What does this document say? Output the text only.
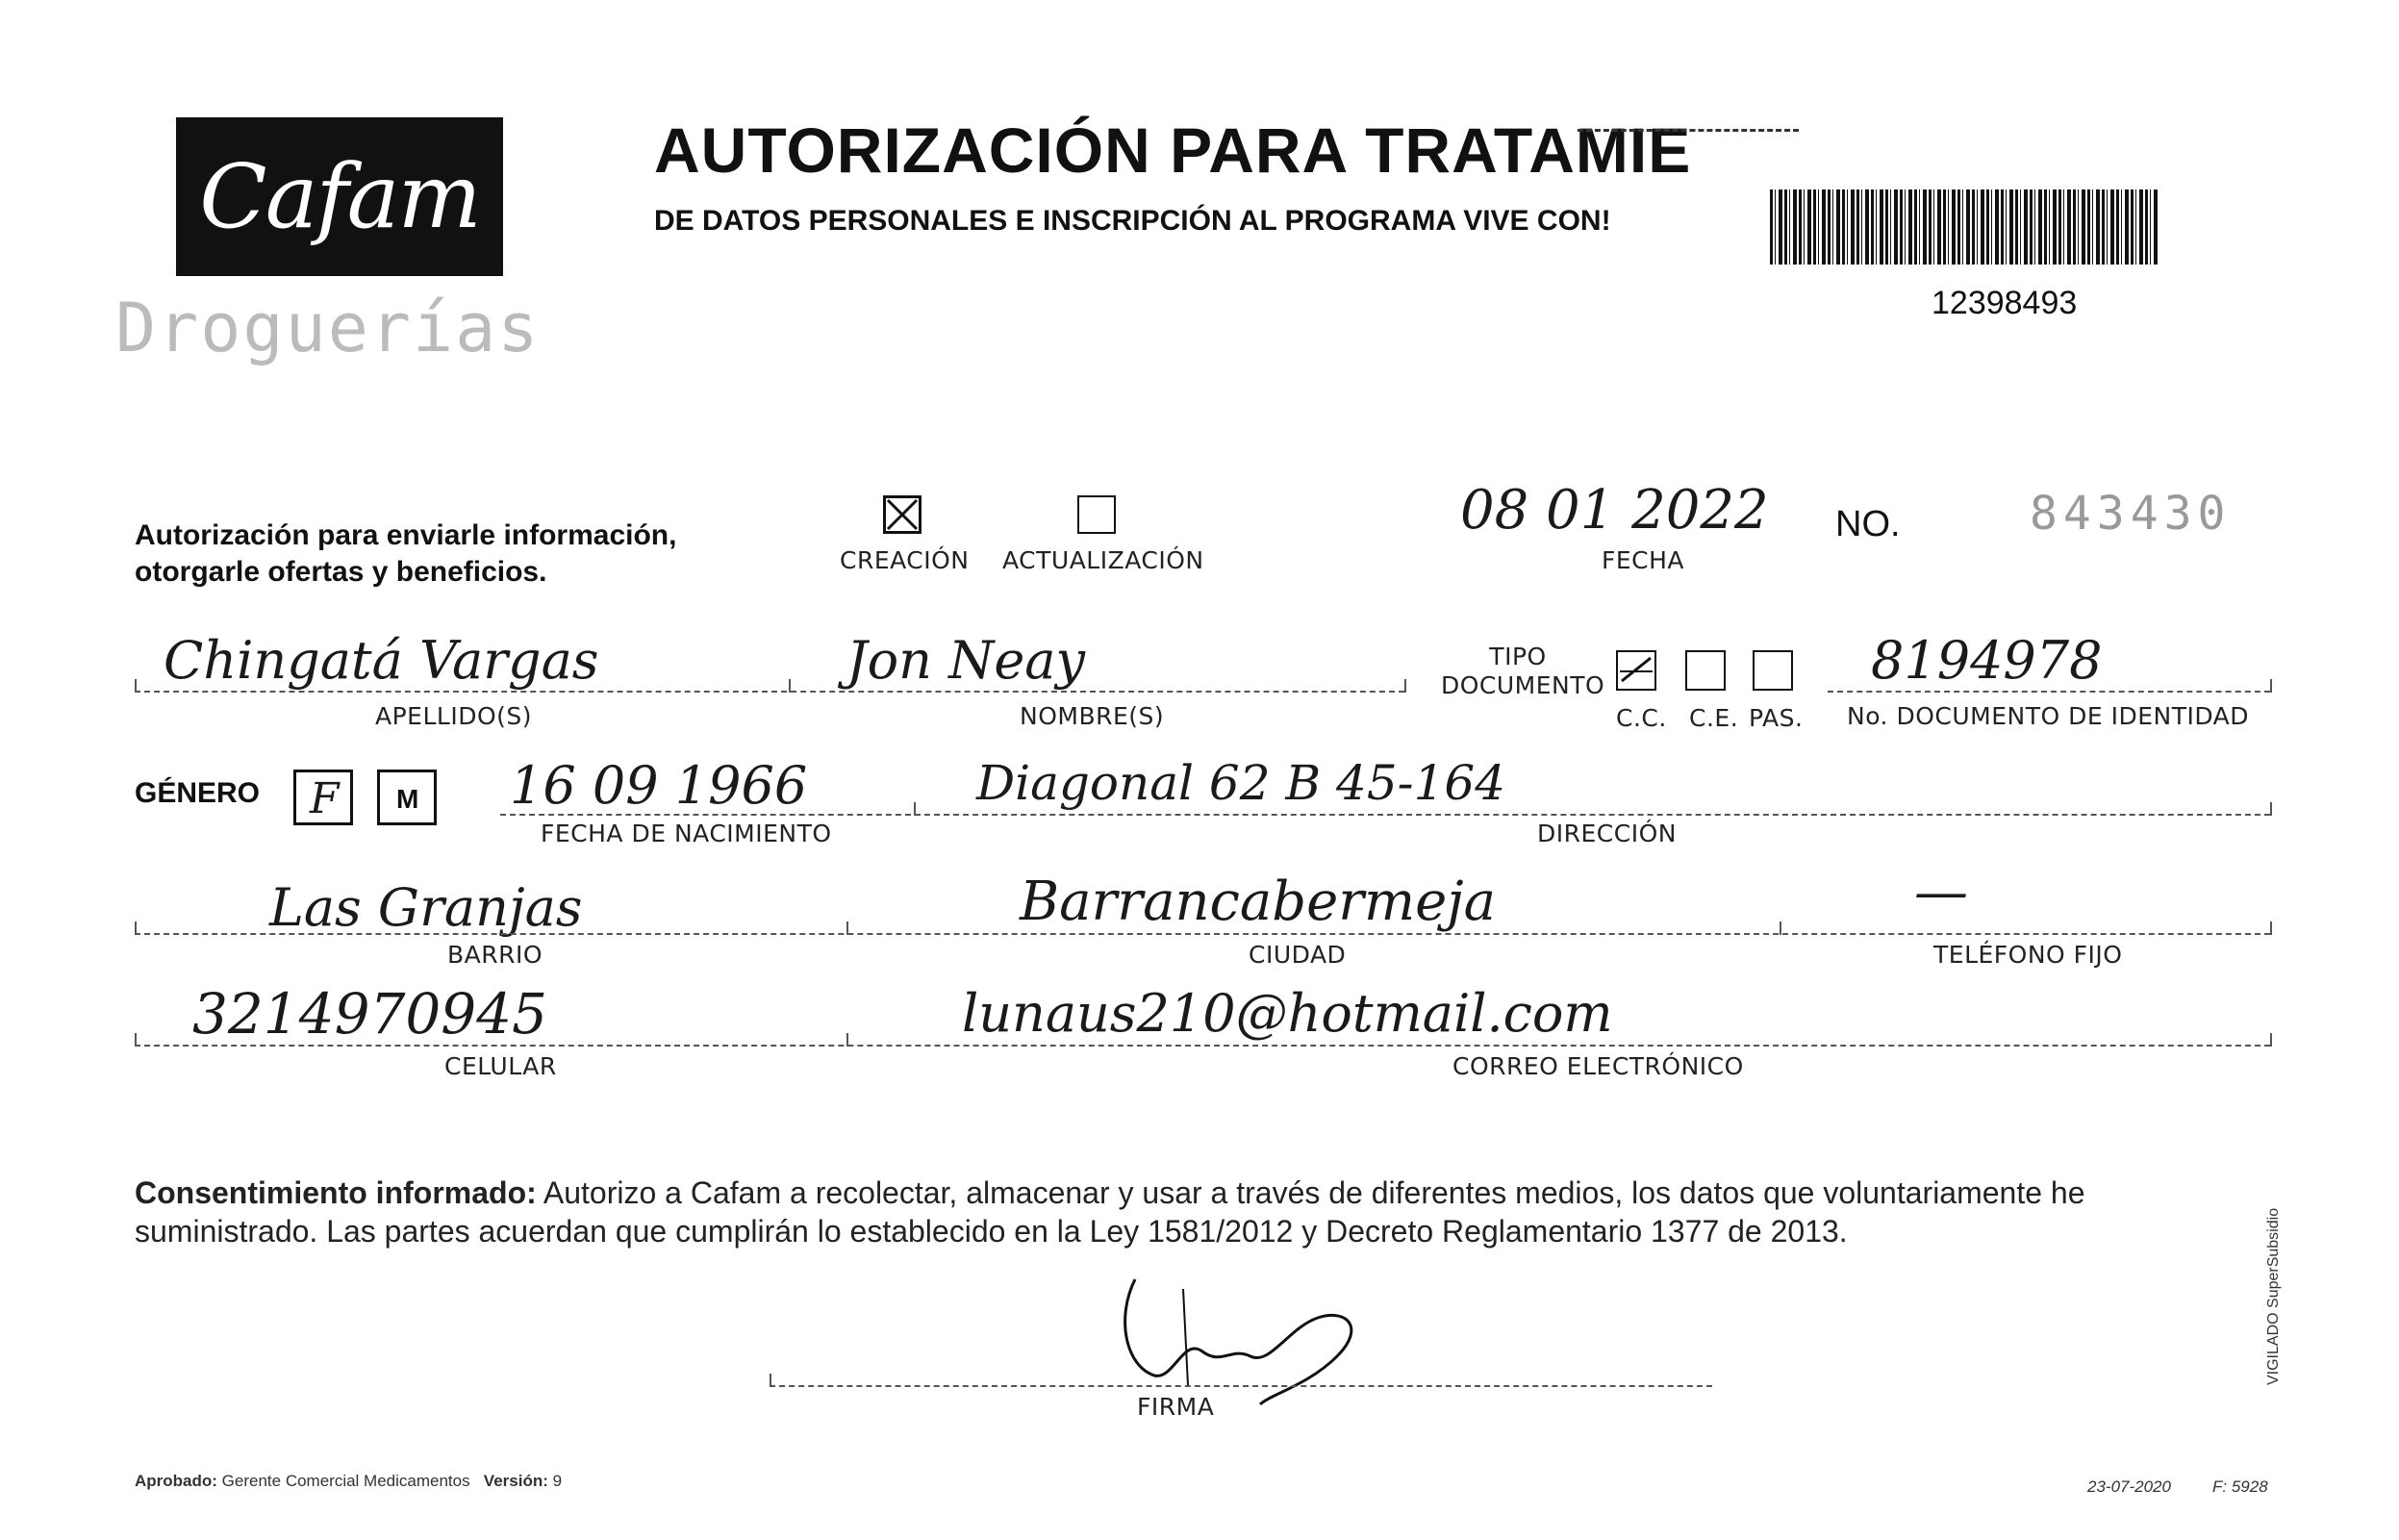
Cafam
Droguerías
AUTORIZACIÓN PARA TRATAMIE
DE DATOS PERSONALES E INSCRIPCIÓN AL PROGRAMA VIVE CON!
12398493
Autorización para enviarle información,
otorgarle ofertas y beneficios.	CREACIÓN ACTUALIZACIÓN
08 01 2022
FECHA
NO.	843430
Chingatá Vargas	Jon Neay
APELLIDO(S)	NOMBRE(S)
TIPO DOCUMENTO
C.C. C.E. PAS.
8194978
No. DOCUMENTO DE IDENTIDAD
GÉNERO F M 16 09 1966	Diagonal 62 B 45-164
FECHA DE NACIMIENTO	DIRECCIÓN
Las Granjas	Barrancabermeja	—
BARRIO	CIUDAD	TELÉFONO FIJO
3214970945	lunaus210@hotmail.com
CELULAR	CORREO ELECTRÓNICO
Consentimiento informado: Autorizo a Cafam a recolectar, almacenar y usar a través de diferentes medios, los datos que voluntariamente he suministrado. Las partes acuerdan que cumplirán lo establecido en la Ley 1581/2012 y Decreto Reglamentario 1377 de 2013.
FIRMA
Aprobado: Gerente Comercial Medicamentos Versión: 9	23-07-2020	F: 5928
VIGILADO SuperSubsidio
